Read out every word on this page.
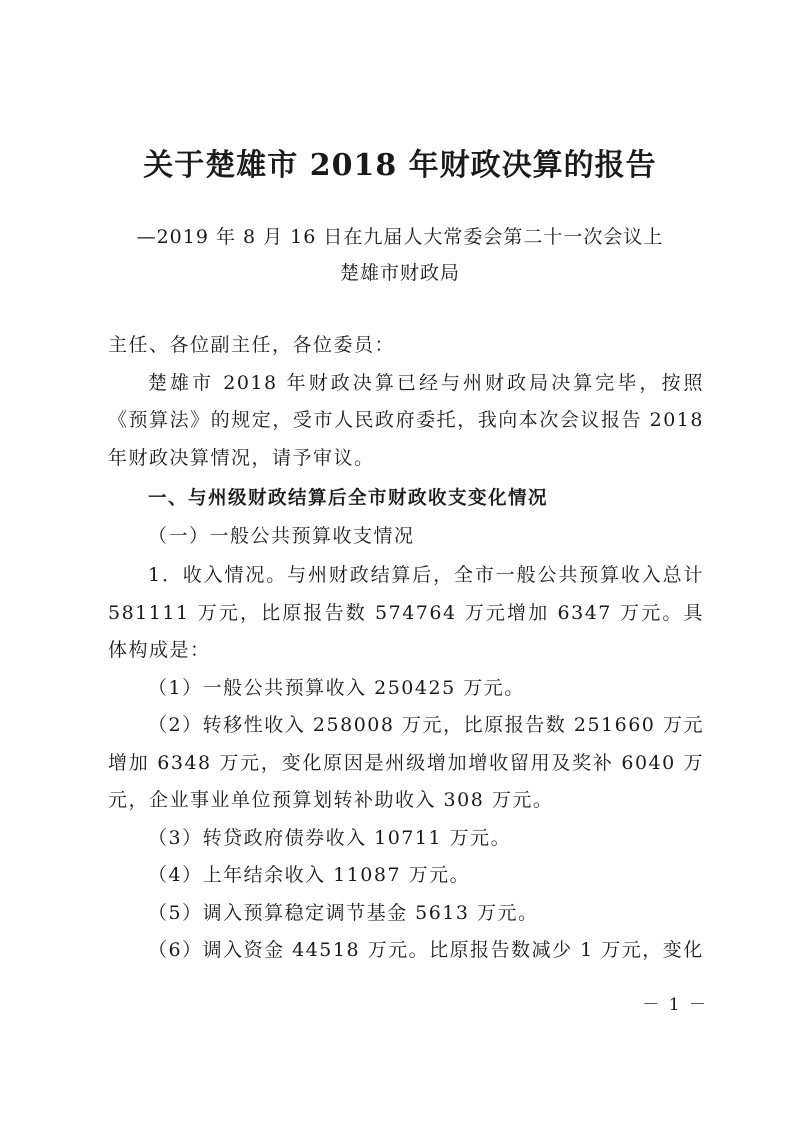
关于楚雄市 2018 年财政决算的报告
—2019 年 8 月 16 日在九届人大常委会第二十一次会议上
楚雄市财政局

主任、各位副主任，各位委员：

楚雄市 2018 年财政决算已经与州财政局决算完毕，按照《预算法》的规定，受市人民政府委托，我向本次会议报告 2018 年财政决算情况，请予审议。

一、与州级财政结算后全市财政收支变化情况

（一）一般公共预算收支情况

1．收入情况。与州财政结算后，全市一般公共预算收入总计 581111 万元，比原报告数 574764 万元增加 6347 万元。具体构成是：

（1）一般公共预算收入 250425 万元。

（2）转移性收入 258008 万元，比原报告数 251660 万元增加 6348 万元，变化原因是州级增加增收留用及奖补 6040 万元，企业事业单位预算划转补助收入 308 万元。

（3）转贷政府债券收入 10711 万元。

（4）上年结余收入 11087 万元。

（5）调入预算稳定调节基金 5613 万元。

（6）调入资金 44518 万元。比原报告数减少 1 万元，变化

－ 1 －
